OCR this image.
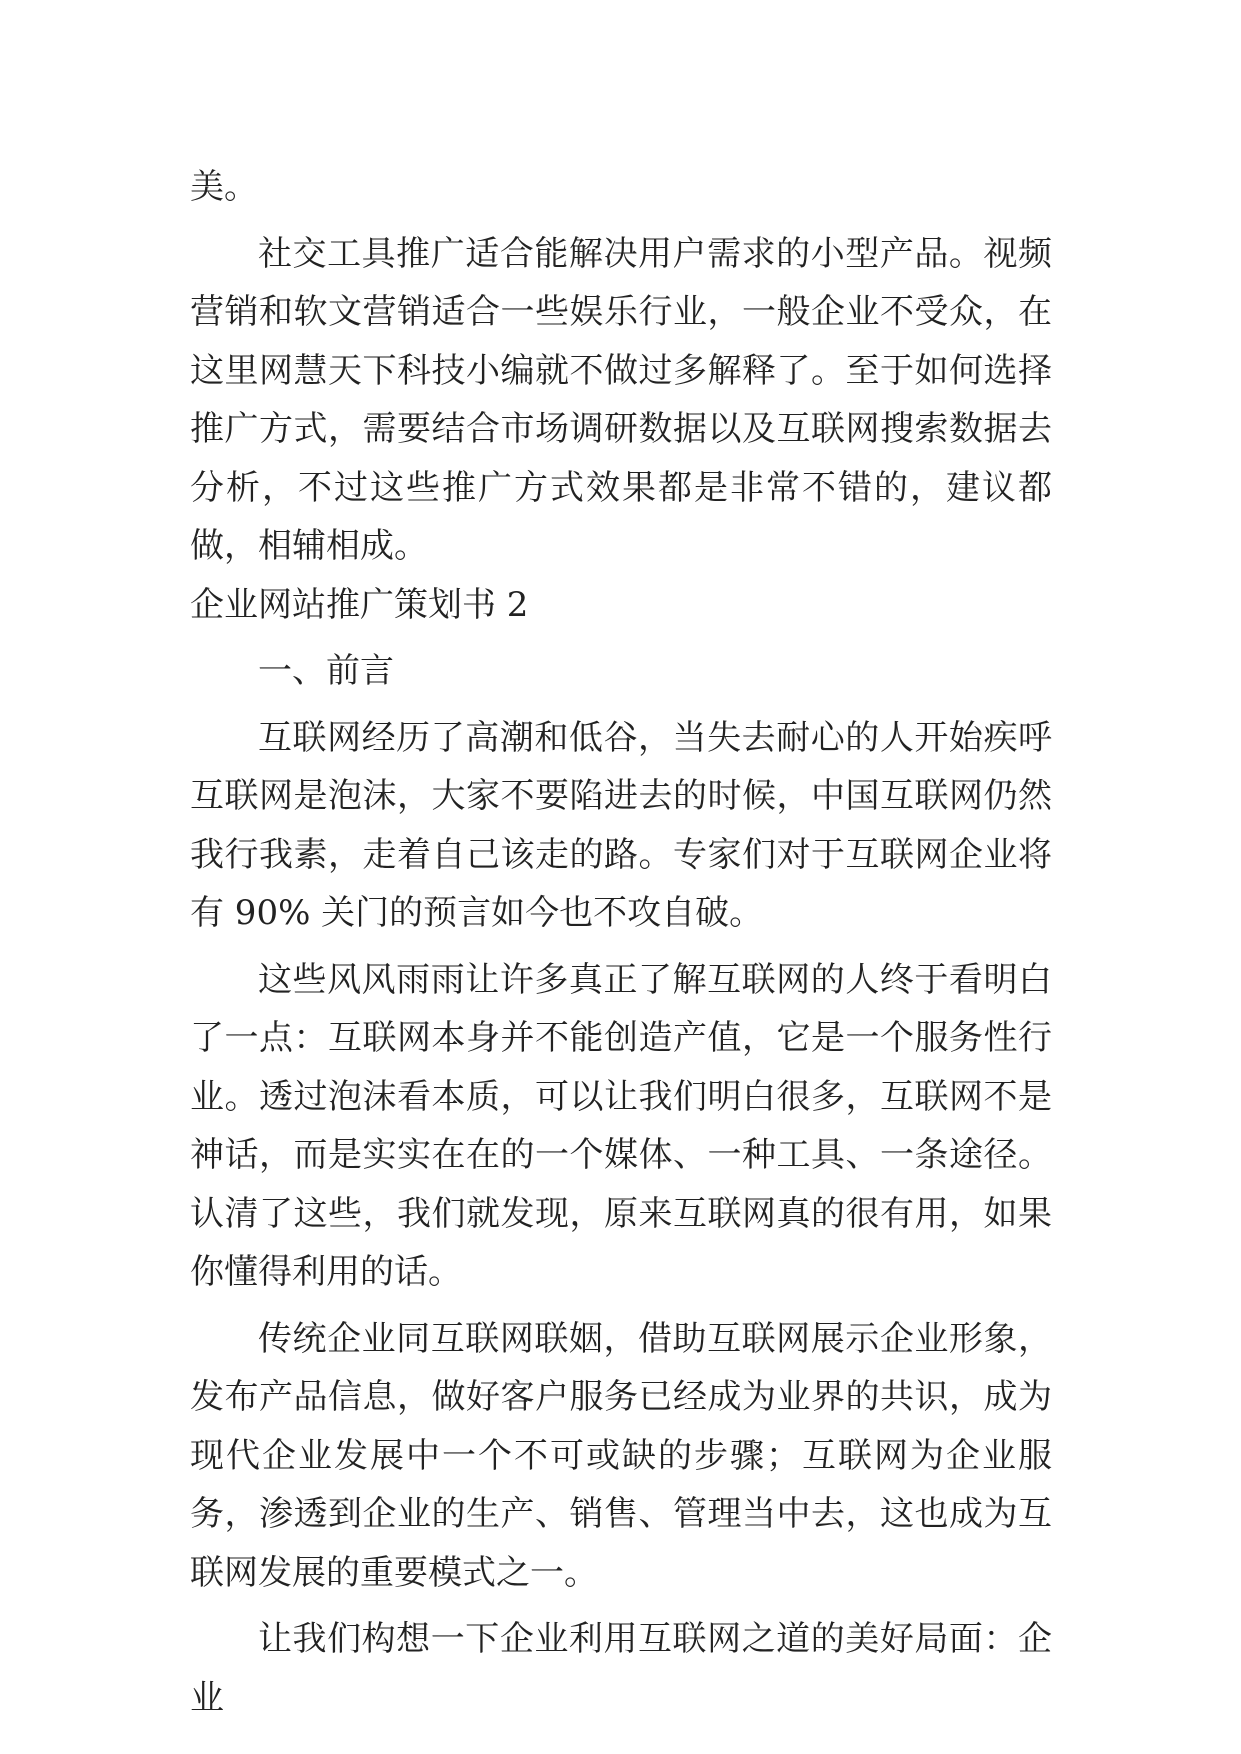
美。

社交工具推广适合能解决用户需求的小型产品。视频营销和软文营销适合一些娱乐行业，一般企业不受众，在这里网慧天下科技小编就不做过多解释了。至于如何选择推广方式，需要结合市场调研数据以及互联网搜索数据去分析，不过这些推广方式效果都是非常不错的，建议都做，相辅相成。

企业网站推广策划书 2

一、前言

互联网经历了高潮和低谷，当失去耐心的人开始疾呼互联网是泡沫，大家不要陷进去的时候，中国互联网仍然我行我素，走着自己该走的路。专家们对于互联网企业将有 90% 关门的预言如今也不攻自破。

这些风风雨雨让许多真正了解互联网的人终于看明白了一点：互联网本身并不能创造产值，它是一个服务性行业。透过泡沫看本质，可以让我们明白很多，互联网不是神话，而是实实在在的一个媒体、一种工具、一条途径。认清了这些，我们就发现，原来互联网真的很有用，如果你懂得利用的话。

传统企业同互联网联姻，借助互联网展示企业形象，发布产品信息，做好客户服务已经成为业界的共识，成为现代企业发展中一个不可或缺的步骤；互联网为企业服务，渗透到企业的生产、销售、管理当中去，这也成为互联网发展的重要模式之一。

让我们构想一下企业利用互联网之道的美好局面：企业
